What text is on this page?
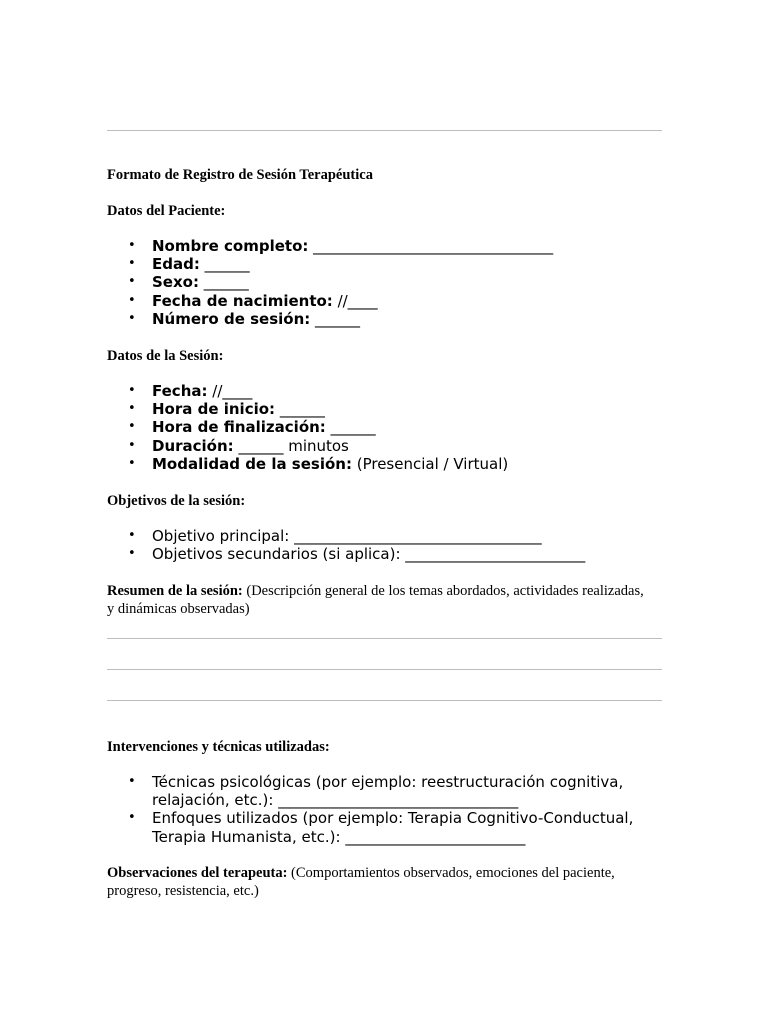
Formato de Registro de Sesión Terapéutica
Datos del Paciente:
• Nombre completo: ________________________________
• Edad: ______
• Sexo: ______
• Fecha de nacimiento: //____
• Número de sesión: ______
Datos de la Sesión:
• Fecha: //____
• Hora de inicio: ______
• Hora de finalización: ______
• Duración: ______ minutos
• Modalidad de la sesión: (Presencial / Virtual)
Objetivos de la sesión:
• Objetivo principal: _________________________________
• Objetivos secundarios (si aplica): ________________________
Resumen de la sesión: (Descripción general de los temas abordados, actividades realizadas, y dinámicas observadas)
Intervenciones y técnicas utilizadas:
• Técnicas psicológicas (por ejemplo: reestructuración cognitiva, relajación, etc.): ________________________________
• Enfoques utilizados (por ejemplo: Terapia Cognitivo-Conductual, Terapia Humanista, etc.): ________________________
Observaciones del terapeuta: (Comportamientos observados, emociones del paciente, progreso, resistencia, etc.)
